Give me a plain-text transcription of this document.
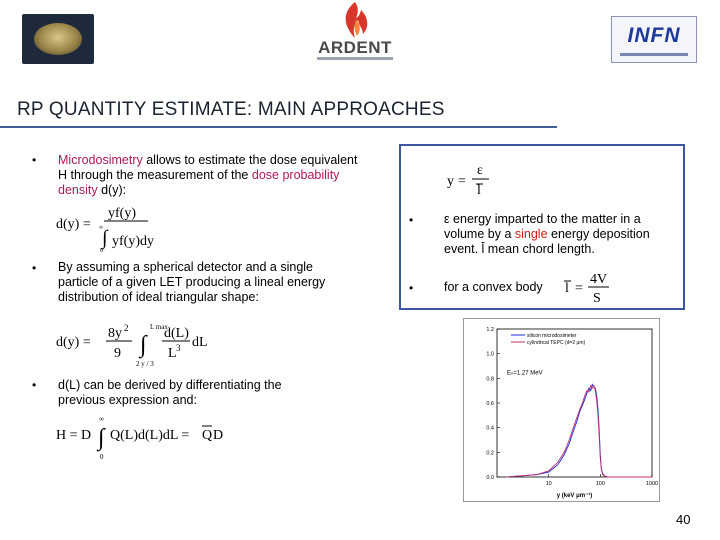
ARDENT
INFN
RP QUANTITY ESTIMATE: MAIN APPROACHES
• Microdosimetry allows to estimate the dose equivalent H through the measurement of the dose probability density d(y):
d(y) =
yf(y)
∫ yf(y)dy
∞
0
• By assuming a spherical detector and a single particle of a given LET producing a lineal energy distribution of ideal triangular shape:
d(y) =
8y 2
9 ∫
L max
2 y / 3
d(L)
L 3 dL
• d(L) can be derived by differentiating the previous expression and:
H = D ∫
∞
0
Q(L)d(L)dL = Q D
y =
ε
l
• ε energy imparted to the matter in a volume by a single energy deposition event. l̄ mean chord length.
• for a convex body l =
4V
S
0.0
0.2
0.4
0.6
0.8
1.0
1.2
10	100	1000
y (keV μm⁻¹)
silicon microdosimeter
cylindrical TEPC (d=2 μm)
Eₙ=1.27 MeV
40
